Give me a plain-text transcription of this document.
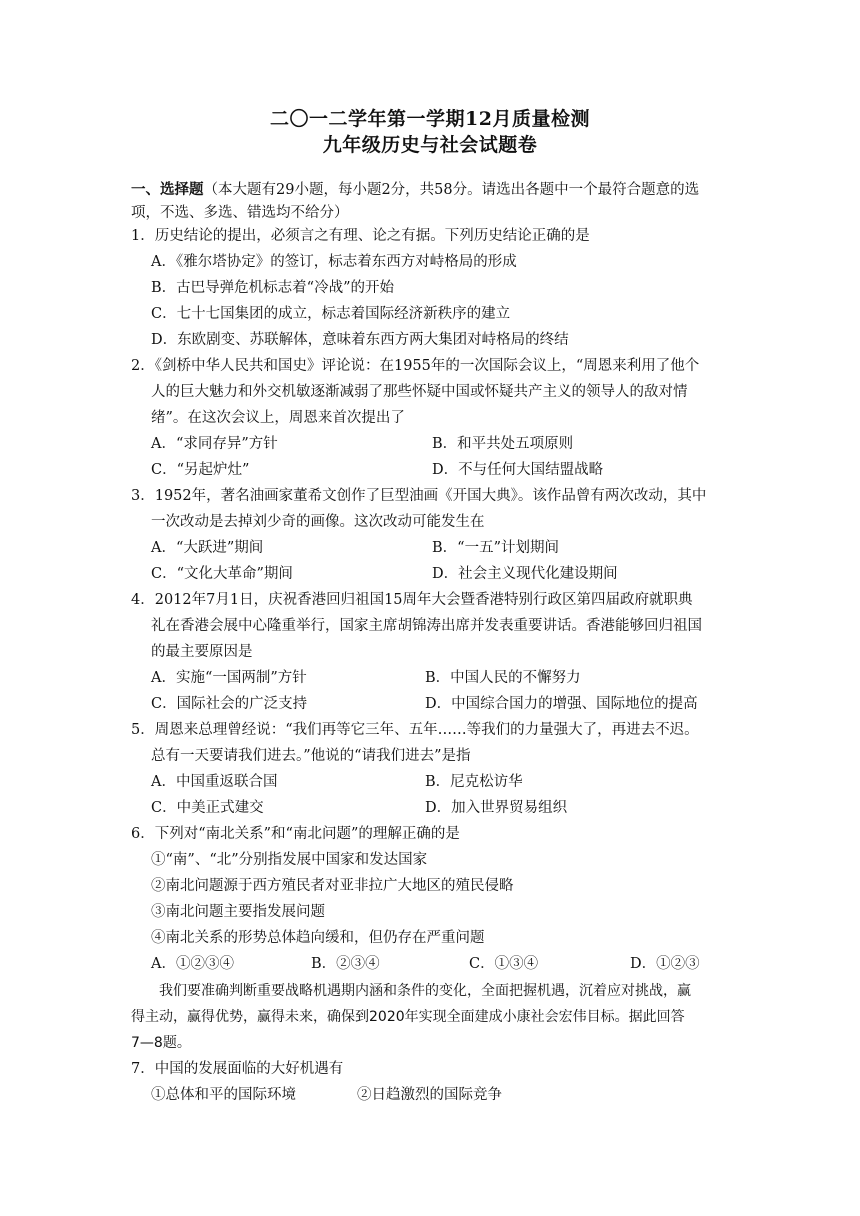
二〇一二学年第一学期12月质量检测
九年级历史与社会试题卷
一、选择题（本大题有29小题，每小题2分，共58分。请选出各题中一个最符合题意的选
项，不选、多选、错选均不给分）
1．历史结论的提出，必须言之有理、论之有据。下列历史结论正确的是
A．《雅尔塔协定》的签订，标志着东西方对峙格局的形成
B．古巴导弹危机标志着“冷战”的开始
C．七十七国集团的成立，标志着国际经济新秩序的建立
D．东欧剧变、苏联解体，意味着东西方两大集团对峙格局的终结
2．《剑桥中华人民共和国史》评论说：在1955年的一次国际会议上，“周恩来利用了他个
人的巨大魅力和外交机敏逐渐减弱了那些怀疑中国或怀疑共产主义的领导人的敌对情
绪”。在这次会议上，周恩来首次提出了
A．“求同存异”方针	B．和平共处五项原则
C．“另起炉灶”	D．不与任何大国结盟战略
3．1952年，著名油画家董希文创作了巨型油画《开国大典》。该作品曾有两次改动，其中
一次改动是去掉刘少奇的画像。这次改动可能发生在
A．“大跃进”期间	B．“一五”计划期间
C．“文化大革命”期间	D．社会主义现代化建设期间
4．2012年7月1日，庆祝香港回归祖国15周年大会暨香港特别行政区第四届政府就职典
礼在香港会展中心隆重举行，国家主席胡锦涛出席并发表重要讲话。香港能够回归祖国
的最主要原因是
A．实施“一国两制”方针	B．中国人民的不懈努力
C．国际社会的广泛支持	D．中国综合国力的增强、国际地位的提高
5．周恩来总理曾经说：“我们再等它三年、五年……等我们的力量强大了，再进去不迟。
总有一天要请我们进去。”他说的“请我们进去”是指
A．中国重返联合国	B．尼克松访华
C．中美正式建交	D．加入世界贸易组织
6．下列对“南北关系”和“南北问题”的理解正确的是
①“南”、“北”分别指发展中国家和发达国家
②南北问题源于西方殖民者对亚非拉广大地区的殖民侵略
③南北问题主要指发展问题
④南北关系的形势总体趋向缓和，但仍存在严重问题
A．①②③④	B．②③④	C．①③④	D．①②③
我们要准确判断重要战略机遇期内涵和条件的变化，全面把握机遇，沉着应对挑战，赢
得主动，赢得优势，赢得未来，确保到2020年实现全面建成小康社会宏伟目标。据此回答
7—8题。
7．中国的发展面临的大好机遇有
①总体和平的国际环境	②日趋激烈的国际竞争
